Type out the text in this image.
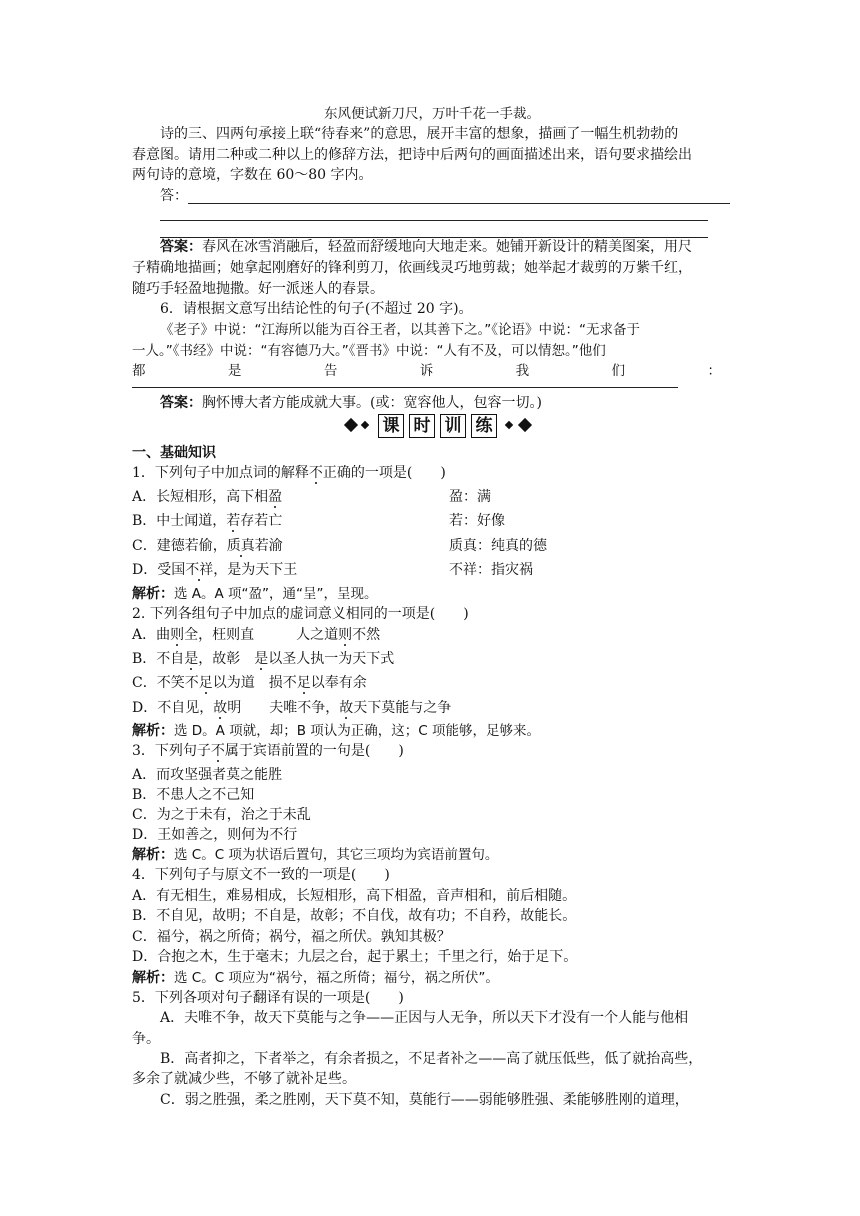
东风便试新刀尺，万叶千花一手裁。
诗的三、四两句承接上联“待春来”的意思，展开丰富的想象，描画了一幅生机勃勃的
春意图。请用二种或二种以上的修辞方法，把诗中后两句的画面描述出来，语句要求描绘出
两句诗的意境，字数在 60～80 字内。
答：
答案：春风在冰雪消融后，轻盈而舒缓地向大地走来。她铺开新设计的精美图案，用尺
子精确地描画；她拿起刚磨好的锋利剪刀，依画线灵巧地剪裁；她举起才裁剪的万紫千红，
随巧手轻盈地抛撒。好一派迷人的春景。
6．请根据文意写出结论性的句子(不超过 20 字)。
《老子》中说：“江海所以能为百谷王者，以其善下之。”《论语》中说：“无求备于
一人。”《书经》中说：“有容德乃大。”《晋书》中说：“人有不及，可以情恕。”他们
都	是	告	诉	我	们	：
答案：胸怀博大者方能成就大事。(或：宽容他人，包容一切。)
课 时 训 练
一、基础知识
1．下列句子中加点词的解释不正确的一项是(　　)
A．长短相形，高下相盈	盈：满
B．中士闻道，若存若亡	若：好像
C．建德若偷，质真若渝	质真：纯真的德
D．受国不祥，是为天下王	不祥：指灾祸
解析：选 A。A 项“盈”，通“呈”，呈现。
2. 下列各组句子中加点的虚词意义相同的一项是(　　)
A．曲则全，枉则直　　　人之道则不然
B．不自是，故彰　是以圣人执一为天下式
C．不笑不足以为道　损不足以奉有余
D．不自见，故明　　夫唯不争，故天下莫能与之争
解析：选 D。A 项就，却；B 项认为正确，这；C 项能够，足够来。
3．下列句子不属于宾语前置的一句是(　　)
A．而攻坚强者莫之能胜
B．不患人之不己知
C．为之于未有，治之于未乱
D．王如善之，则何为不行
解析：选 C。C 项为状语后置句，其它三项均为宾语前置句。
4．下列句子与原文不一致的一项是(　　)
A．有无相生，难易相成，长短相形，高下相盈，音声相和，前后相随。
B．不自见，故明；不自是，故彰；不自伐，故有功；不自矜，故能长。
C．福兮，祸之所倚；祸兮，福之所伏。孰知其极？
D．合抱之木，生于毫末；九层之台，起于累土；千里之行，始于足下。
解析：选 C。C 项应为“祸兮，福之所倚；福兮，祸之所伏”。
5．下列各项对句子翻译有误的一项是(　　)
A．夫唯不争，故天下莫能与之争——正因与人无争，所以天下才没有一个人能与他相
争。
B．高者抑之，下者举之，有余者损之，不足者补之——高了就压低些，低了就抬高些，
多余了就减少些，不够了就补足些。
C．弱之胜强，柔之胜刚，天下莫不知，莫能行——弱能够胜强、柔能够胜刚的道理，
